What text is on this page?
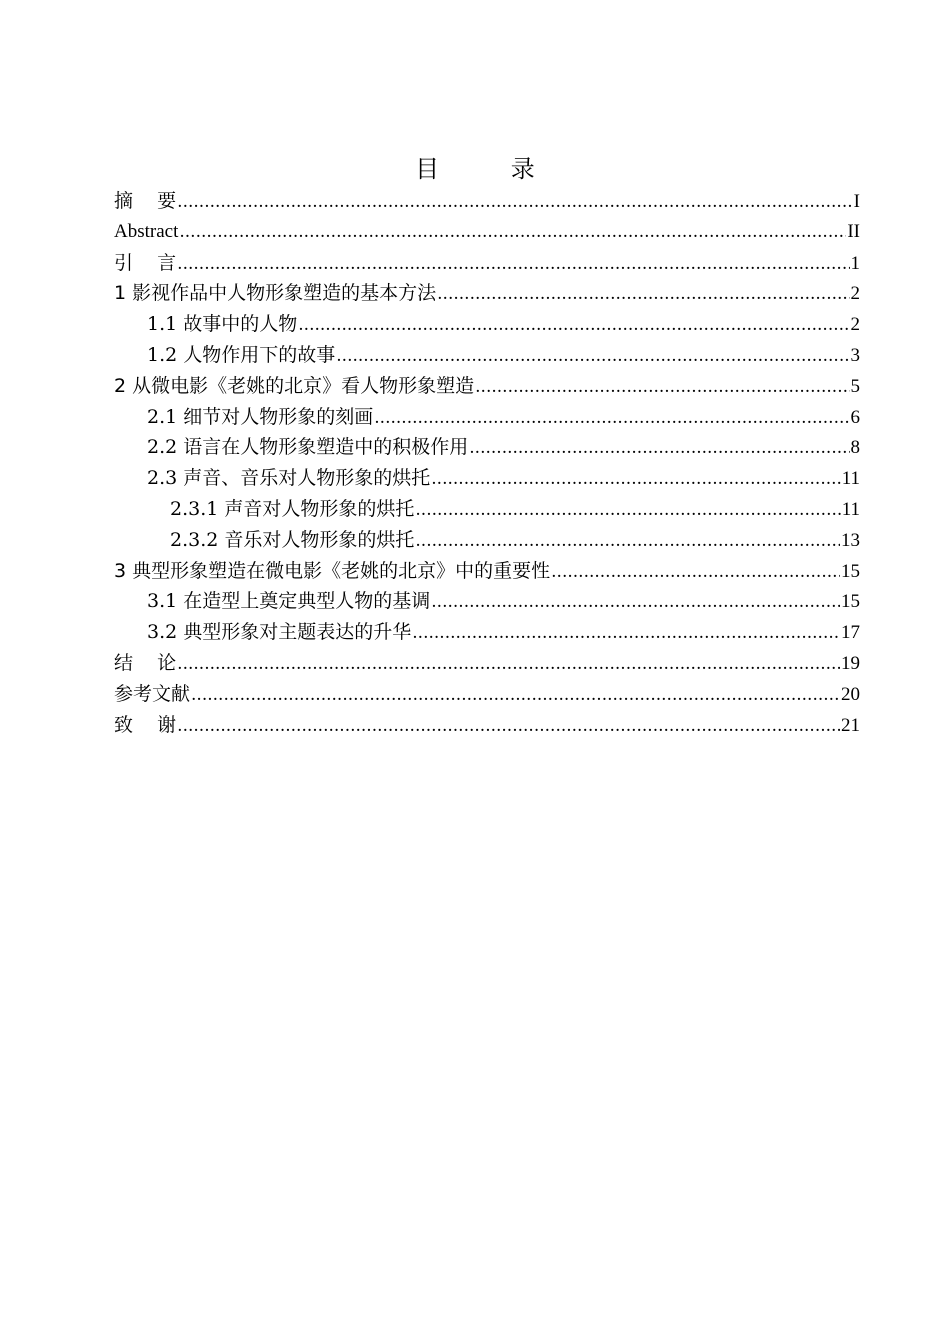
目 录
摘    要 .....	I
Abstract .....	II
引    言 .....	1
1 影视作品中人物形象塑造的基本方法 .....	2
1.1 故事中的人物 .....	2
1.2 人物作用下的故事 .....	3
2 从微电影《老姚的北京》看人物形象塑造 .....	5
2.1 细节对人物形象的刻画 .....	6
2.2 语言在人物形象塑造中的积极作用 .....	8
2.3 声音、音乐对人物形象的烘托 .....	11
2.3.1 声音对人物形象的烘托 .....	11
2.3.2 音乐对人物形象的烘托 .....	13
3 典型形象塑造在微电影《老姚的北京》中的重要性 .....	15
3.1 在造型上奠定典型人物的基调 .....	15
3.2 典型形象对主题表达的升华 .....	17
结    论 .....	19
参考文献 .....	20
致    谢 .....	21
